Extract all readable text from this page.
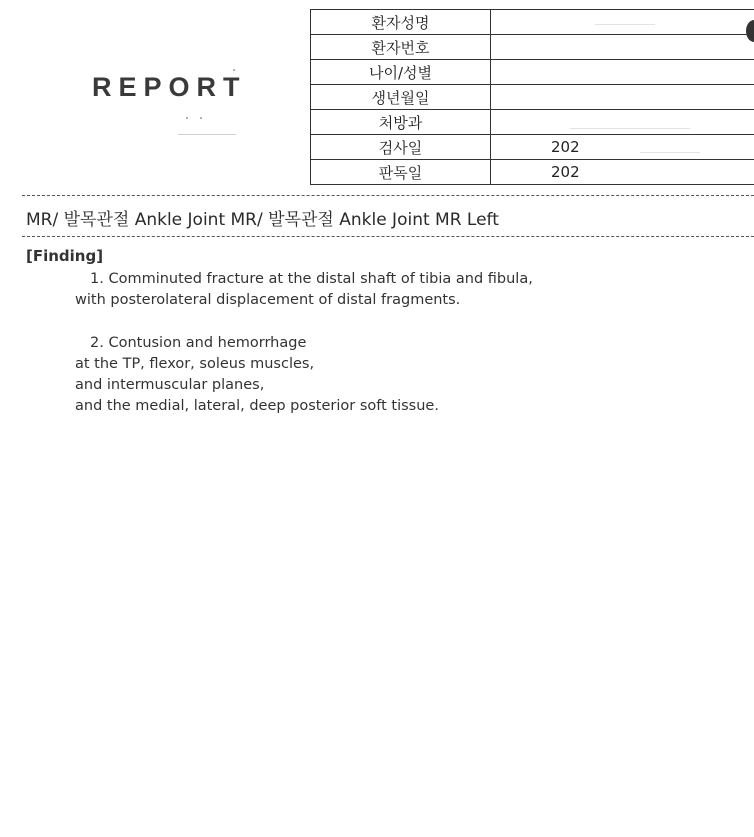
REPORT
환자성명	
환자번호	
나이/성별	
생년월일	
처방과	
검사일	202
판독일	202
MR/ 발목관절 Ankle Joint MR/ 발목관절 Ankle Joint MR Left
[Finding]
1. Comminuted fracture at the distal shaft of tibia and fibula,
with posterolateral displacement of distal fragments.
2. Contusion and hemorrhage
at the TP, flexor, soleus muscles,
and intermuscular planes,
and the medial, lateral, deep posterior soft tissue.
